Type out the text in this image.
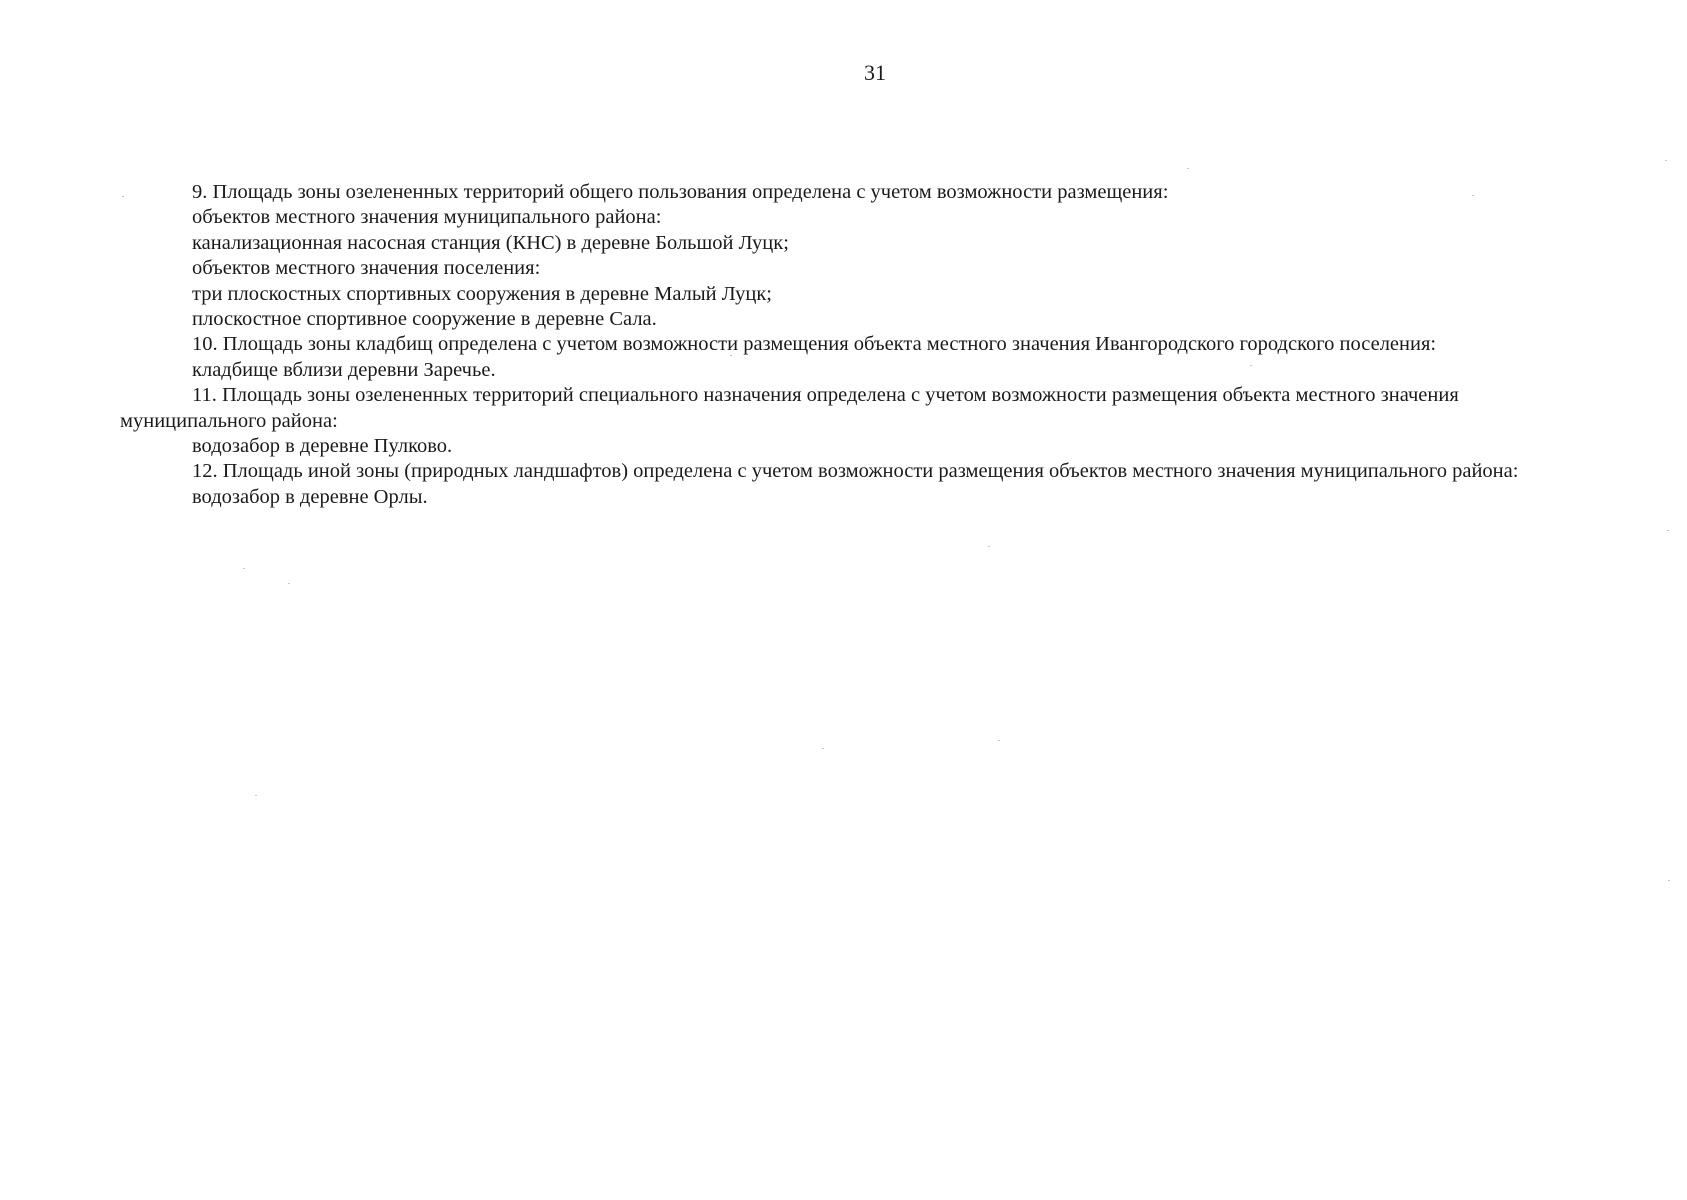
31
9. Площадь зоны озелененных территорий общего пользования определена с учетом возможности размещения:
объектов местного значения муниципального района:
канализационная насосная станция (КНС) в деревне Большой Луцк;
объектов местного значения поселения:
три плоскостных спортивных сооружения в деревне Малый Луцк;
плоскостное спортивное сооружение в деревне Сала.
10. Площадь зоны кладбищ определена с учетом возможности размещения объекта местного значения Ивангородского городского поселения:
кладбище вблизи деревни Заречье.
11. Площадь зоны озелененных территорий специального назначения определена с учетом возможности размещения объекта местного значения
муниципального района:
водозабор в деревне Пулково.
12. Площадь иной зоны (природных ландшафтов) определена с учетом возможности размещения объектов местного значения муниципального района:
водозабор в деревне Орлы.
